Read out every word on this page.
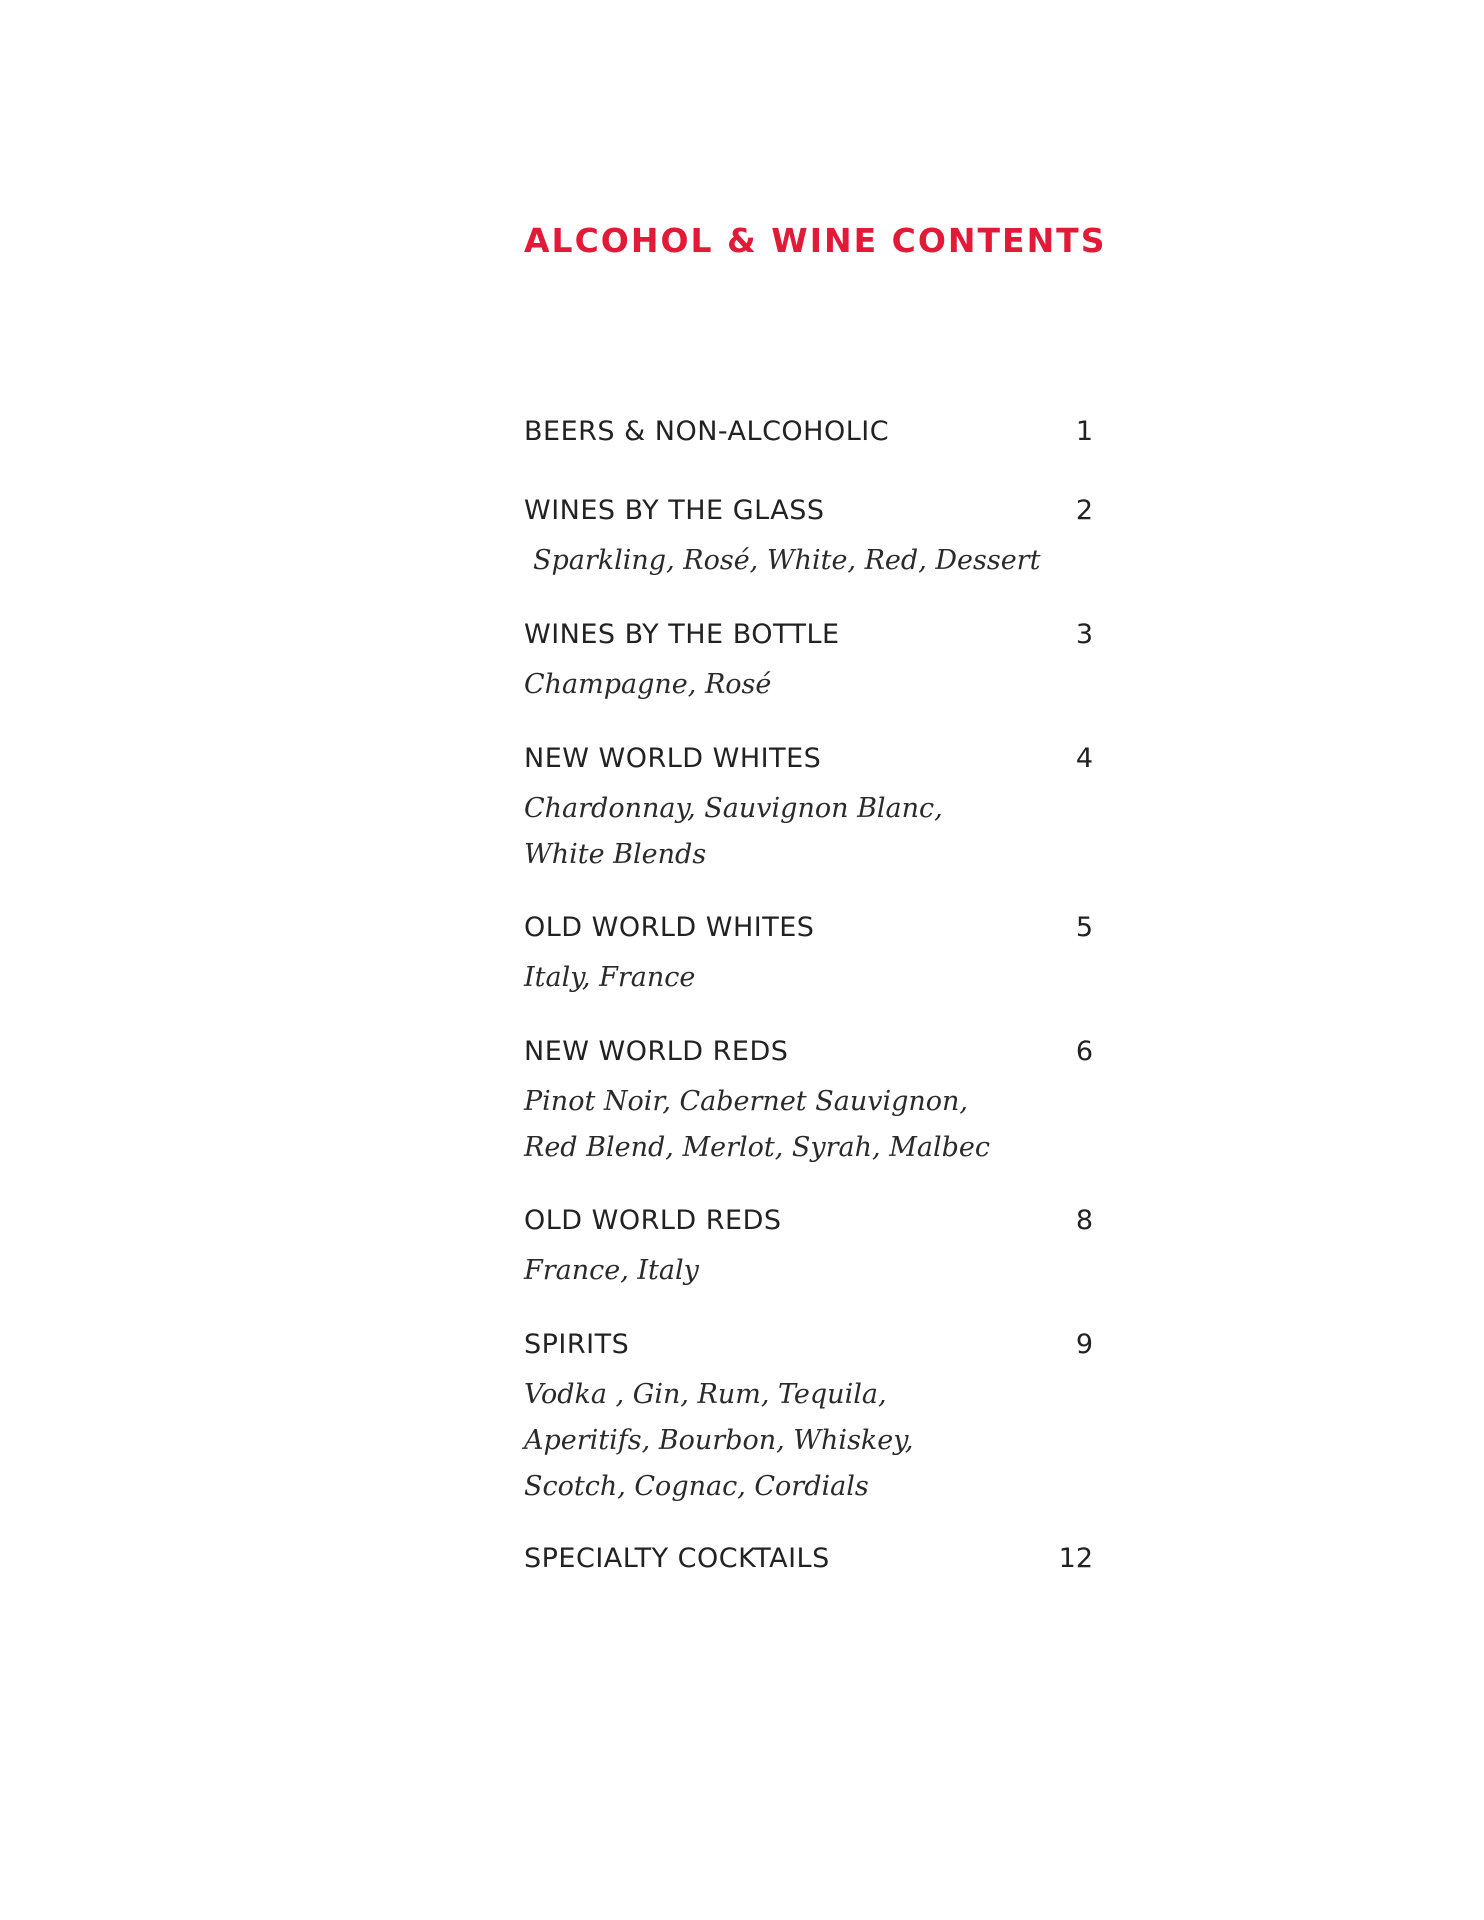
ALCOHOL & WINE CONTENTS
BEERS & NON-ALCOHOLIC	1
WINES BY THE GLASS	2
Sparkling, Rosé, White, Red, Dessert
WINES BY THE BOTTLE	3
Champagne, Rosé
NEW WORLD WHITES	4
Chardonnay, Sauvignon Blanc,
White Blends
OLD WORLD WHITES	5
Italy, France
NEW WORLD REDS	6
Pinot Noir, Cabernet Sauvignon,
Red Blend, Merlot, Syrah, Malbec
OLD WORLD REDS	8
France, Italy
SPIRITS	9
Vodka , Gin, Rum, Tequila,
Aperitifs, Bourbon, Whiskey,
Scotch, Cognac, Cordials
SPECIALTY COCKTAILS	12
